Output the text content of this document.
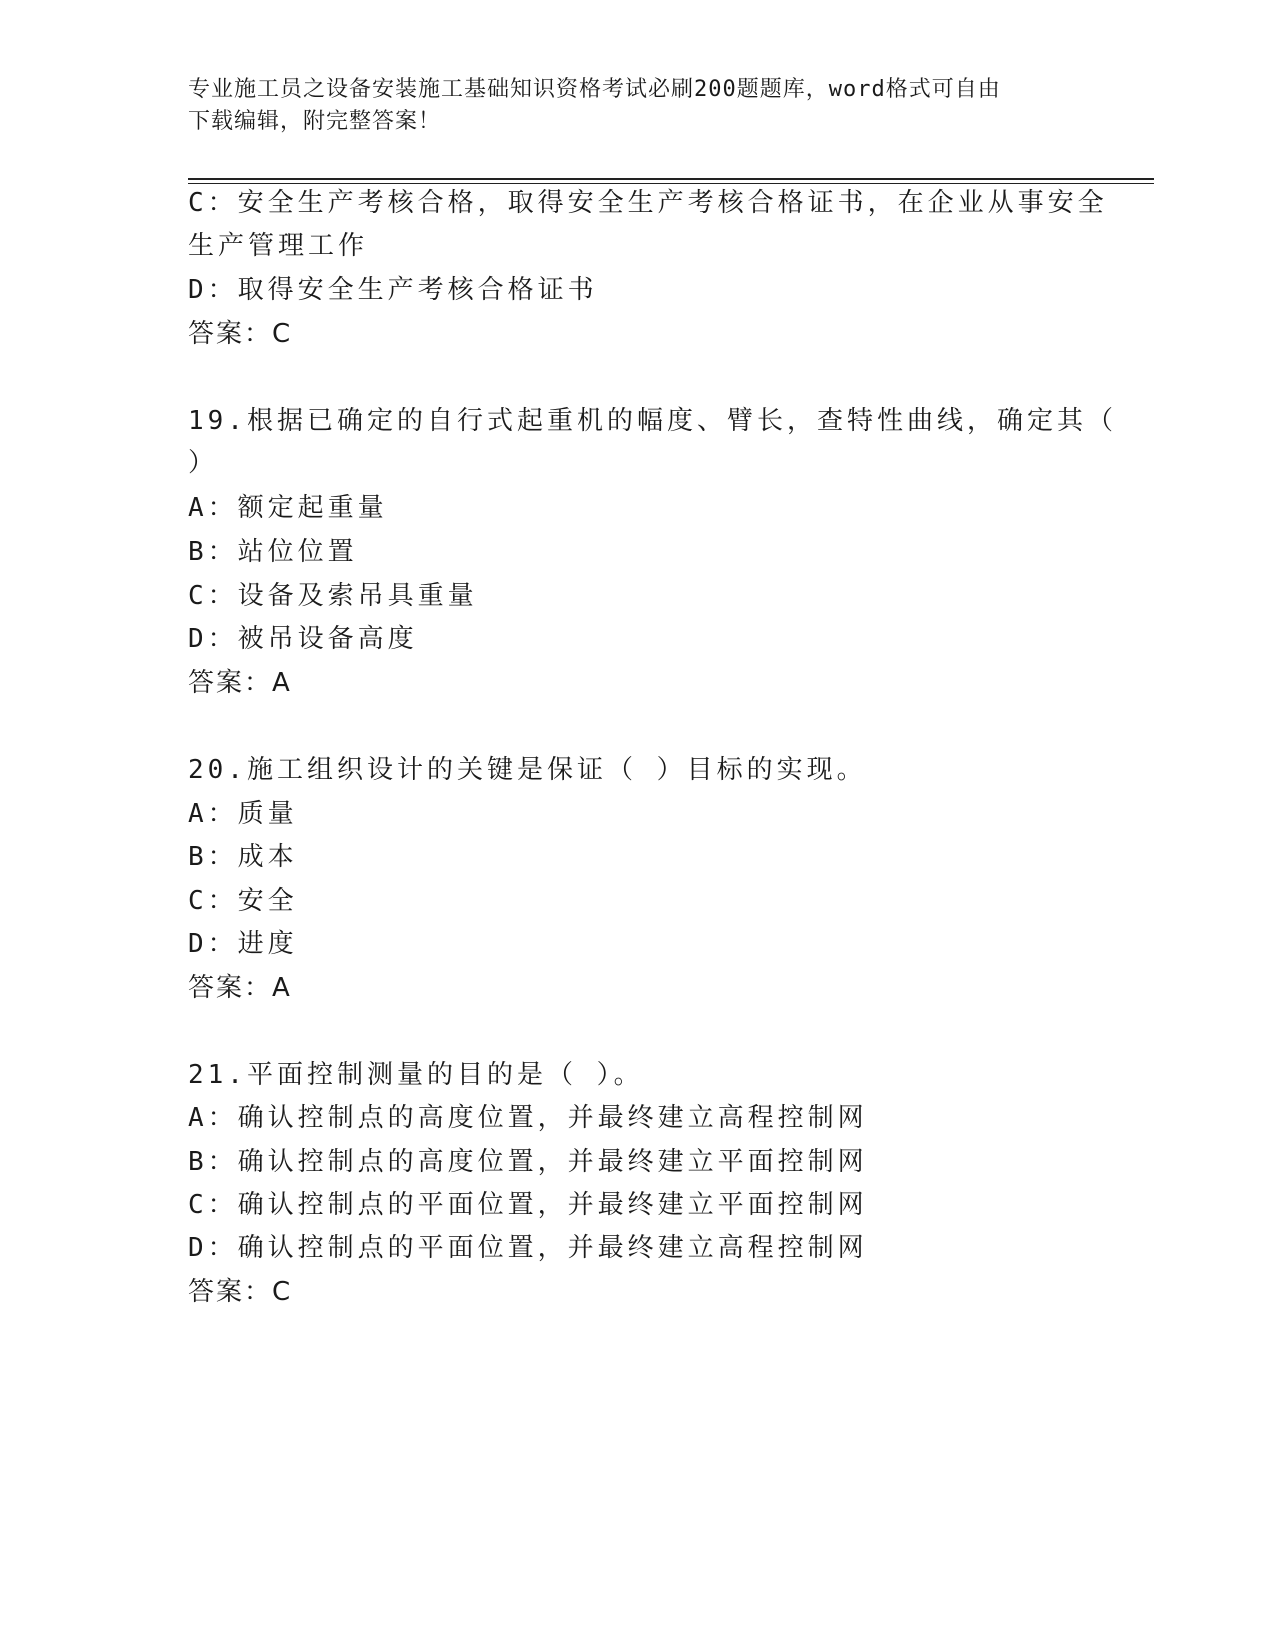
专业施工员之设备安装施工基础知识资格考试必刷200题题库，word格式可自由
下载编辑，附完整答案！
C：安全生产考核合格，取得安全生产考核合格证书，在企业从事安全
生产管理工作
D：取得安全生产考核合格证书
答案：C
19.根据已确定的自行式起重机的幅度、臂长，查特性曲线，确定其（
）
A：额定起重量
B：站位位置
C：设备及索吊具重量
D：被吊设备高度
答案：A
20.施工组织设计的关键是保证（ ）目标的实现。
A：质量
B：成本
C：安全
D：进度
答案：A
21.平面控制测量的目的是（ ）。
A：确认控制点的高度位置，并最终建立高程控制网
B：确认控制点的高度位置，并最终建立平面控制网
C：确认控制点的平面位置，并最终建立平面控制网
D：确认控制点的平面位置，并最终建立高程控制网
答案：C
